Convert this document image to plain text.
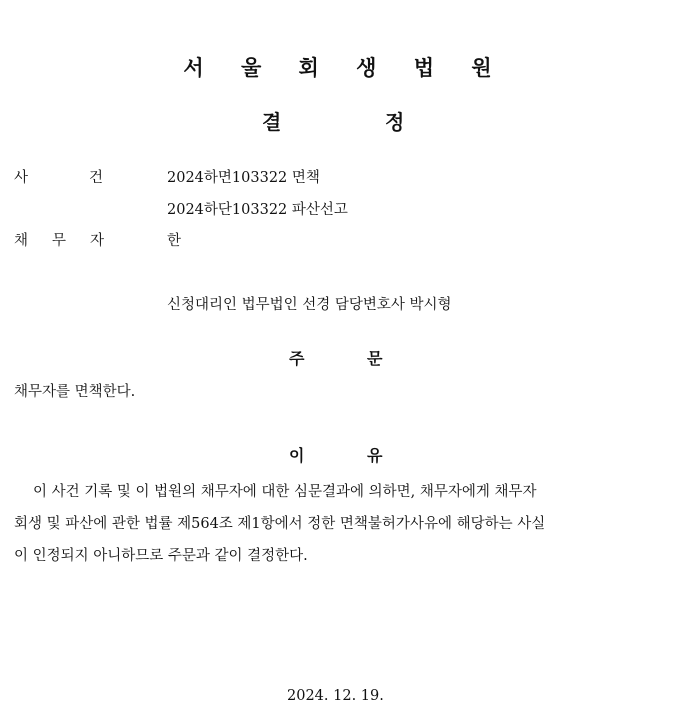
서 울 회 생 법 원
결	정
사	건	2024하면103322 면책
2024하단103322 파산선고
채 무 자	한
신청대리인 법무법인 선경 담당변호사 박시형
주	문
채무자를 면책한다.
이	유
이 사건 기록 및 이 법원의 채무자에 대한 심문결과에 의하면, 채무자에게 채무자
회생 및 파산에 관한 법률 제564조 제1항에서 정한 면책불허가사유에 해당하는 사실
이 인정되지 아니하므로 주문과 같이 결정한다.
2024. 12. 19.
